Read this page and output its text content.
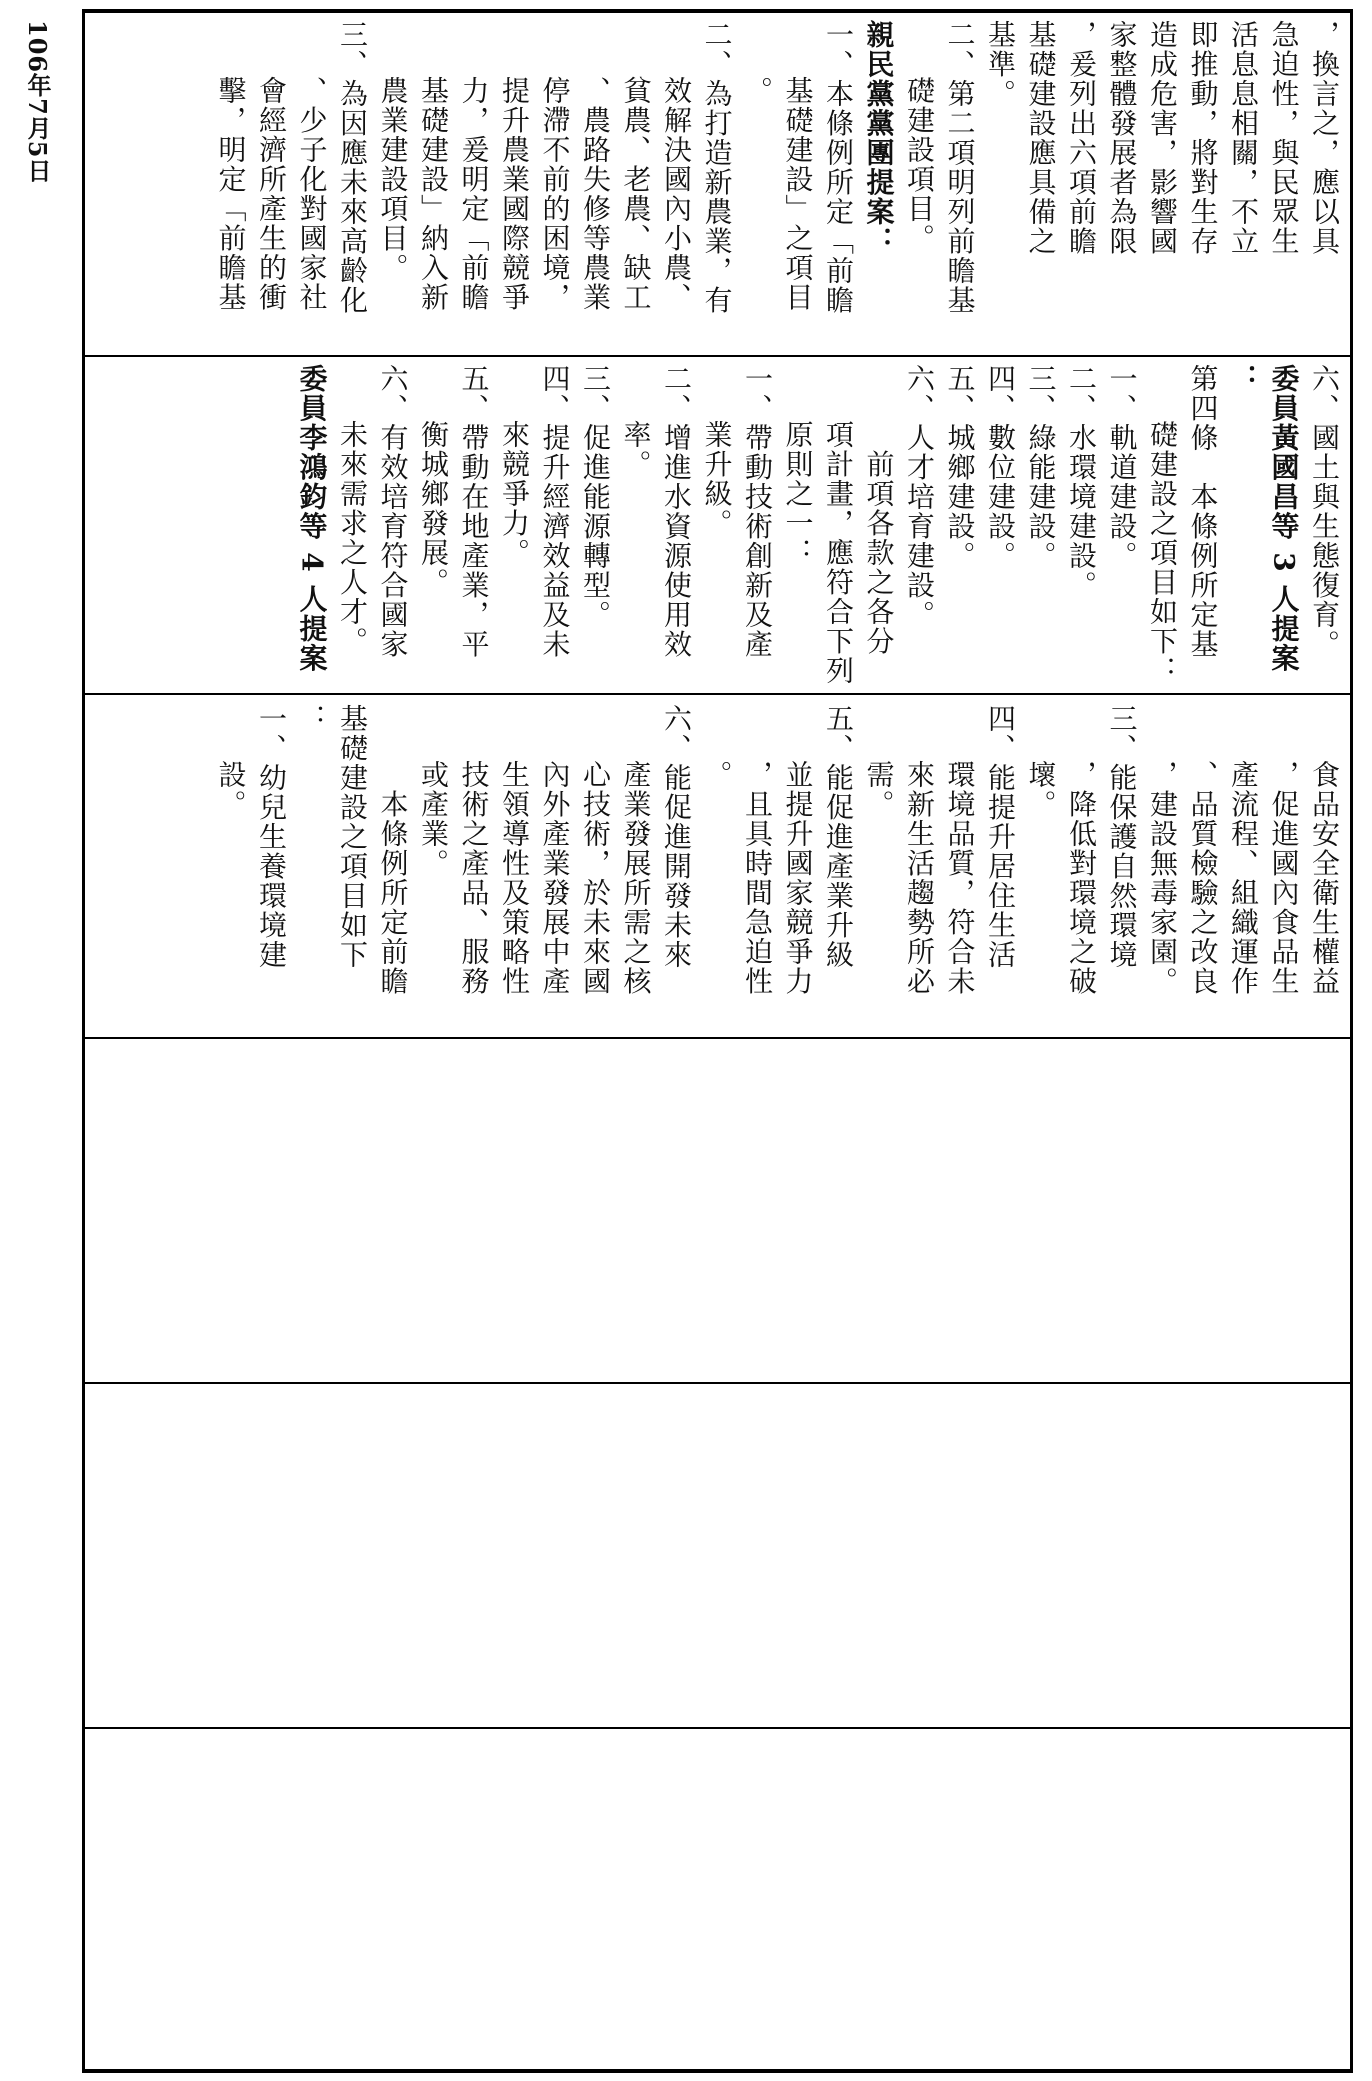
106年7月5日	，換言之，應以具
急迫性，與民眾生
活息息相關，不立
即推動，將對生存
造成危害，影響國
家整體發展者為限
，爰列出六項前瞻
基礎建設應具備之
基準。
二、第二項明列前瞻基
礎建設項目。
親民黨黨團提案：
一、本條例所定「前瞻
基礎建設」之項目
。
二、為打造新農業，有
效解決國內小農、
貧農、老農、缺工
、農路失修等農業
停滯不前的困境，
提升農業國際競爭
力，爰明定「前瞻
基礎建設」納入新
農業建設項目。
三、為因應未來高齡化
、少子化對國家社
會經濟所產生的衝
擊，明定「前瞻基
六、國土與生態復育。
委員黃國昌等 3 人提案
：
第四條　本條例所定基
礎建設之項目如下：
一、軌道建設。
二、水環境建設。
三、綠能建設。
四、數位建設。
五、城鄉建設。
六、人才培育建設。
　前項各款之各分
項計畫，應符合下列
原則之一：
一、帶動技術創新及產
業升級。
二、增進水資源使用效
率。
三、促進能源轉型。
四、提升經濟效益及未
來競爭力。
五、帶動在地產業，平
衡城鄉發展。
六、有效培育符合國家
未來需求之人才。
委員李鴻鈞等 4 人提案
食品安全衛生權益
，促進國內食品生
產流程、組織運作
、品質檢驗之改良
，建設無毒家園。
三、能保護自然環境
，降低對環境之破
壞。
四、能提升居住生活
環境品質，符合未
來新生活趨勢所必
需。
五、能促進產業升級
並提升國家競爭力
，且具時間急迫性
。
六、能促進開發未來
產業發展所需之核
心技術，於未來國
內外產業發展中產
生領導性及策略性
技術之產品、服務
或產業。
　本條例所定前瞻
基礎建設之項目如下
：
一、幼兒生養環境建
設。
